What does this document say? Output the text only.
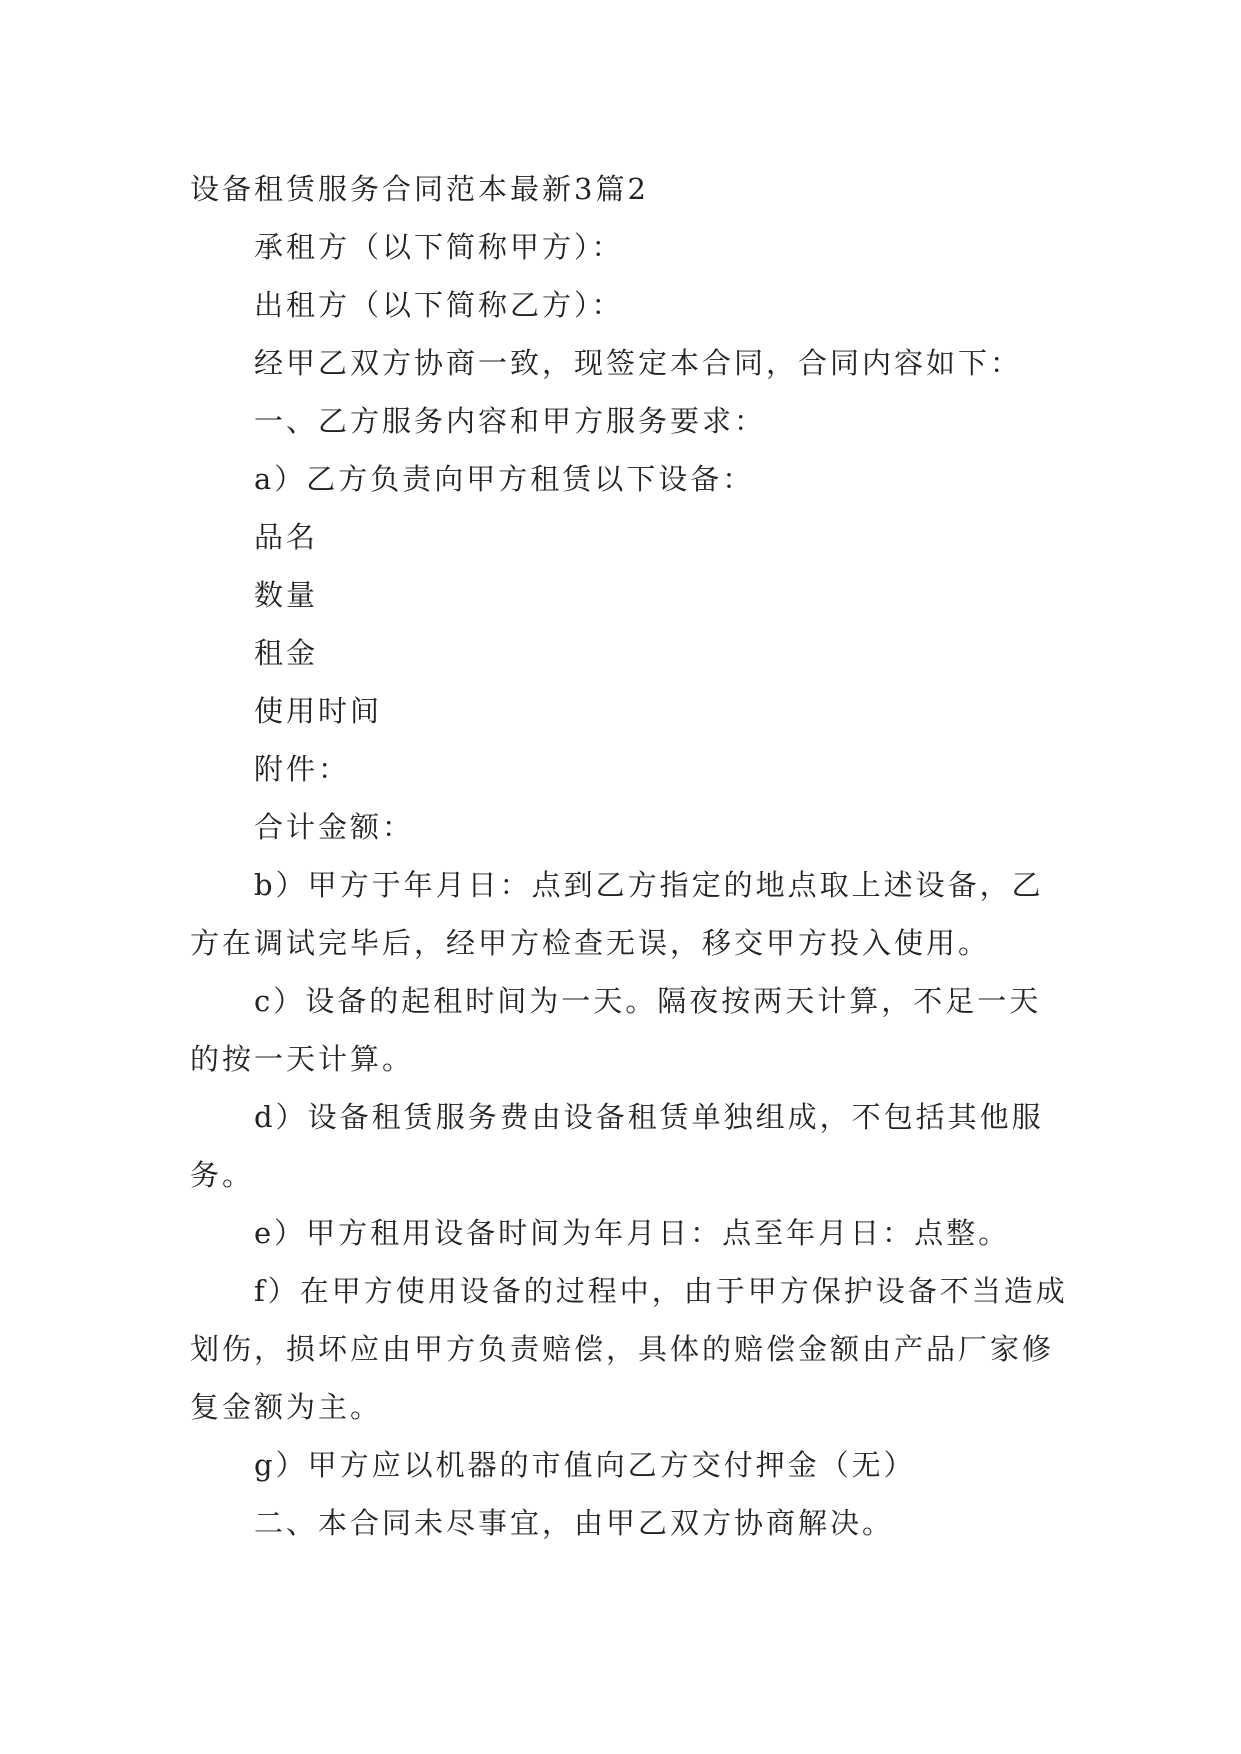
设备租赁服务合同范本最新3篇2

承租方（以下简称甲方）：

出租方（以下简称乙方）：

经甲乙双方协商一致，现签定本合同，合同内容如下：

一、乙方服务内容和甲方服务要求：

a）乙方负责向甲方租赁以下设备：

品名

数量

租金

使用时间

附件：

合计金额：

b）甲方于年月日：点到乙方指定的地点取上述设备，乙方在调试完毕后，经甲方检查无误，移交甲方投入使用。

c）设备的起租时间为一天。隔夜按两天计算，不足一天的按一天计算。

d）设备租赁服务费由设备租赁单独组成，不包括其他服务。

e）甲方租用设备时间为年月日：点至年月日：点整。

f）在甲方使用设备的过程中，由于甲方保护设备不当造成划伤，损坏应由甲方负责赔偿，具体的赔偿金额由产品厂家修复金额为主。

g）甲方应以机器的市值向乙方交付押金（无）

二、本合同未尽事宜，由甲乙双方协商解决。
